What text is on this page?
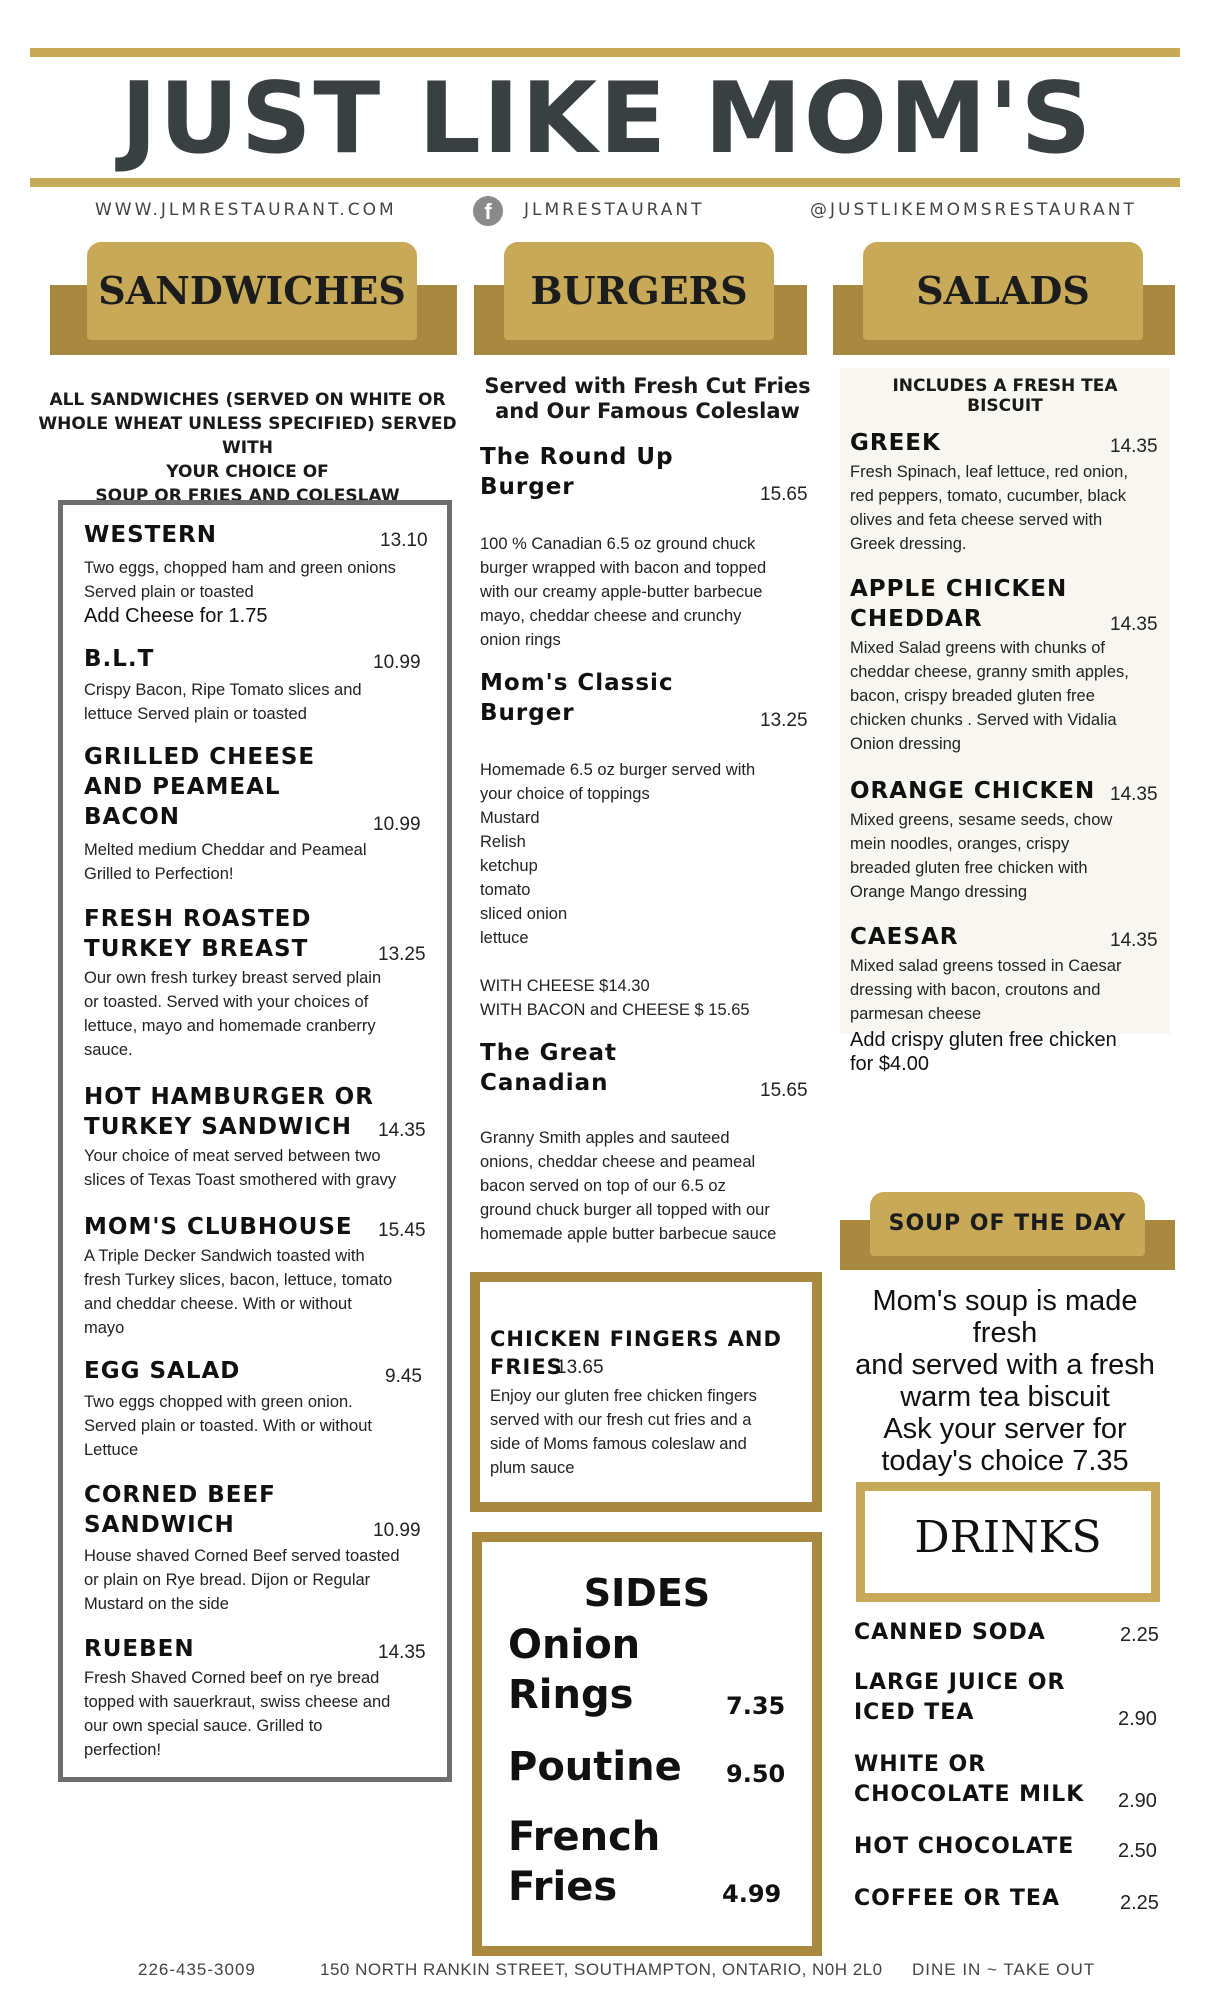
JUST LIKE MOM'S
WWW.JLMRESTAURANT.COM	f	JLMRESTAURANT	@JUSTLIKEMOMSRESTAURANT
SANDWICHES	BURGERS	SALADS
ALL SANDWICHES (SERVED ON WHITE OR
WHOLE WHEAT UNLESS SPECIFIED) SERVED WITH
YOUR CHOICE OF
SOUP OR FRIES AND COLESLAW
WESTERN	13.10
Two eggs, chopped ham and green onions
Served plain or toasted
Add Cheese for 1.75
B.L.T	10.99
Crispy Bacon, Ripe Tomato slices and
lettuce Served plain or toasted
GRILLED CHEESE
AND PEAMEAL
BACON	10.99
Melted medium Cheddar and Peameal
Grilled to Perfection!
FRESH ROASTED
TURKEY BREAST	13.25
Our own fresh turkey breast served plain
or toasted. Served with your choices of
lettuce, mayo and homemade cranberry
sauce.
HOT HAMBURGER OR
TURKEY SANDWICH	14.35
Your choice of meat served between two
slices of Texas Toast smothered with gravy
MOM'S CLUBHOUSE 15.45
A Triple Decker Sandwich toasted with
fresh Turkey slices, bacon, lettuce, tomato
and cheddar cheese. With or without
mayo
EGG SALAD	9.45
Two eggs chopped with green onion.
Served plain or toasted. With or without
Lettuce
CORNED BEEF
SANDWICH	10.99
House shaved Corned Beef served toasted
or plain on Rye bread. Dijon or Regular
Mustard on the side
RUEBEN	14.35
Fresh Shaved Corned beef on rye bread
topped with sauerkraut, swiss cheese and
our own special sauce. Grilled to
perfection!
Served with Fresh Cut Fries
and Our Famous Coleslaw
The Round Up
Burger	15.65
100 % Canadian 6.5 oz ground chuck
burger wrapped with bacon and topped
with our creamy apple-butter barbecue
mayo, cheddar cheese and crunchy
onion rings
Mom's Classic
Burger	13.25
Homemade 6.5 oz burger served with
your choice of toppings
Mustard
Relish
ketchup
tomato
sliced onion
lettuce
WITH CHEESE $14.30
WITH BACON and CHEESE $ 15.65
The Great
Canadian	15.65
Granny Smith apples and sauteed
onions, cheddar cheese and peameal
bacon served on top of our 6.5 oz
ground chuck burger all topped with our
homemade apple butter barbecue sauce
CHICKEN FINGERS AND
FRIES
13.65
Enjoy our gluten free chicken fingers
served with our fresh cut fries and a
side of Moms famous coleslaw and
plum sauce
SIDES
Onion
Rings	7.35
Poutine 9.50
French
Fries	4.99
INCLUDES A FRESH TEA
BISCUIT
GREEK	14.35
Fresh Spinach, leaf lettuce, red onion,
red peppers, tomato, cucumber, black
olives and feta cheese served with
Greek dressing.
APPLE CHICKEN
CHEDDAR	14.35
Mixed Salad greens with chunks of
cheddar cheese, granny smith apples,
bacon, crispy breaded gluten free
chicken chunks . Served with Vidalia
Onion dressing
ORANGE CHICKEN 14.35
Mixed greens, sesame seeds, chow
mein noodles, oranges, crispy
breaded gluten free chicken with
Orange Mango dressing
CAESAR	14.35
Mixed salad greens tossed in Caesar
dressing with bacon, croutons and
parmesan cheese
Add crispy gluten free chicken
for $4.00
SOUP OF THE DAY
Mom's soup is made fresh
and served with a fresh
warm tea biscuit
Ask your server for
today's choice 7.35
DRINKS
CANNED SODA	2.25
LARGE JUICE OR
ICED TEA	2.90
WHITE OR
CHOCOLATE MILK 2.90
HOT CHOCOLATE 2.50
COFFEE OR TEA	2.25
226-435-3009	150 NORTH RANKIN STREET, SOUTHAMPTON, ONTARIO, N0H 2L0 DINE IN ~ TAKE OUT
